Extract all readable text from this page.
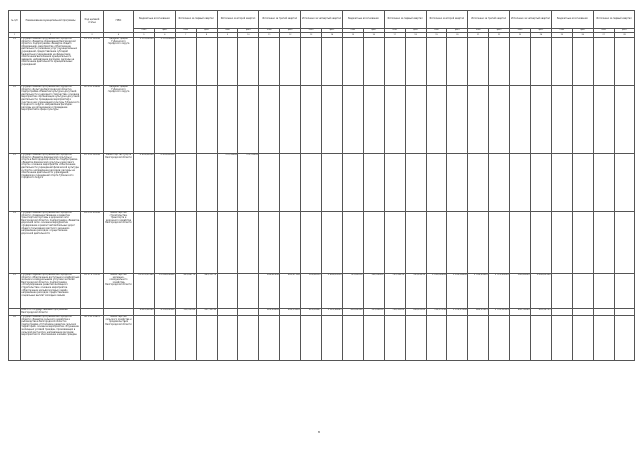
№ п/п	Наименование муниципальной программы	Код целевой статьи	ГРБС	Бюджетные ассигнования		Исполнено за первый квартал		Исполнено за второй квартал		Исполнено за третий квартал		Исполнено за четвертый квартал		Бюджетные ассигнования		Исполнено за первый квартал		Исполнено за второй квартал		Исполнено за третий квартал		Исполнено за четвертый квартал		Бюджетные ассигнования		Исполнено за первый квартал	
				план	факт	план	факт	план	факт	план	факт	план	факт	план	факт	план	факт	план	факт	план	факт	план	факт	план	факт	план	факт
1	2	3	4	5	6	7	8	9	10	11	12	13	14	15	16	17	18	19	20	21	22	23	24	25	26	27	28
11	Государственная программа Белгородской области «Развитие образования Белгородской области» подпрограмма «Развитие общего образования» мероприятие «Обеспечение деятельности (оказание услуг) муниципальных учреждений, предоставление субсидий бюджетным учреждениям на финансовое обеспечение выполнения муниципального задания» направление расходов: расходы на обеспечение деятельности муниципальных учреждений	01 1 01 00590	Администрация Губкинского городского округа	1 353,00000	1 353,00000																						
12	Государственная программа Белгородской области «Культура Белгородской области» подпрограмма «Развитие культурно-досуговой деятельности и народного творчества» основное мероприятие «Организация культурно-досуговой деятельности, проведение мероприятий и участие в них учреждений культуры Губкинского городского округа» направление расходов: расходы на организацию и проведение мероприятий в сфере культуры	02 4 01 29990	Администрация Губкинского городского округа																								
13	Государственная программа Белгородской области «Развитие физической культуры и спорта в Белгородской области» подпрограмма «Развитие физической культуры и массового спорта» основное мероприятие «Обеспечение деятельности учреждений физической культуры и спорта» направление расходов: расходы на обеспечение деятельности учреждений, поддержка учреждений спорта Губкинского городского округа	03 1 01 00590	Министерство спорта Белгородской области	2 934,45000	2 934,45000			375,34000	375,34000																		
14	Государственная программа Белгородской области «Совершенствование и развитие транспортной системы и дорожной сети Белгородской области» подпрограмма «Развитие дорожной сети» основное мероприятие «Содержание и ремонт автомобильных дорог общего пользования местного значения» направление расходов: осуществление дорожной деятельности	04 2 01 20590	Министерство строительства, транспорта и дорожного хозяйства Белгородской области																								
15	Государственная программа Белгородской области «Обеспечение доступным и комфортным жильём и коммунальными услугами жителей Белгородской области» подпрограмма «Стимулирование развития жилищного строительства» основное мероприятие «Обеспечение жильём молодых семей» направление расходов: предоставление социальных выплат молодым семьям	05 1 F2 55550	Министерство жилищно-коммунального хозяйства Белгородской области	15 078,97960	15 088,28960	415,98770	465,35770			446,42940	465,07590	301,62651	1 804,05050	723,81050	502,00000	723,34250	323,24230	1 010,90900	1 120,89400	1 354,94910	1 721,00000	300,00000	1 600,02340				
	Всего по государственным программам Белгородской области			9 612,95260	9 550,22960	352,41419	417,36740			424,84902	482,33610	921,09927	1 324,98063	616,68340	315,80160	726,30160	800,22630	702,67540	1 074,23160	960,05915	1 712,32414	900,79060	993,39713				
16	Государственная программа Белгородской области «Развитие сельского хозяйства и рыбоводства в Белгородской области» подпрограмма «Устойчивое развитие сельских территорий» основное мероприятие «Улучшение жилищных условий граждан, проживающих в сельской местности» направление расходов: мероприятия по обеспечению жильём граждан	06 1 01 L5670	Министерство сельского хозяйства и продовольствия Белгородской области																								
8
